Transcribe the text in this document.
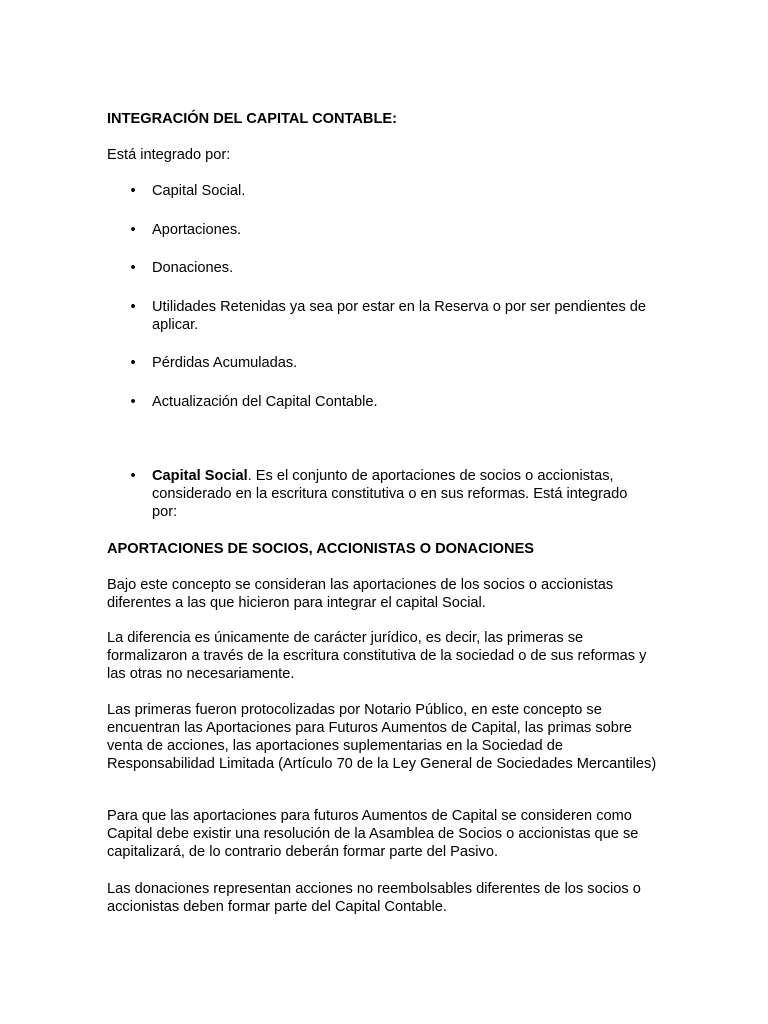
INTEGRACIÓN DEL CAPITAL CONTABLE:
Está integrado por:
• Capital Social.
• Aportaciones.
• Donaciones.
• Utilidades Retenidas ya sea por estar en la Reserva o por ser pendientes de aplicar.
• Pérdidas Acumuladas.
• Actualización del Capital Contable.
• Capital Social. Es el conjunto de aportaciones de socios o accionistas, considerado en la escritura constitutiva o en sus reformas. Está integrado por:
APORTACIONES DE SOCIOS, ACCIONISTAS O DONACIONES
Bajo este concepto se consideran las aportaciones de los socios o accionistas diferentes a las que hicieron para integrar el capital Social.
La diferencia es únicamente de carácter jurídico, es decir, las primeras se formalizaron a través de la escritura constitutiva de la sociedad o de sus reformas y las otras no necesariamente.
Las primeras fueron protocolizadas por Notario Público, en este concepto se encuentran las Aportaciones para Futuros Aumentos de Capital, las primas sobre venta de acciones, las aportaciones suplementarias en la Sociedad de Responsabilidad Limitada (Artículo 70 de la Ley General de Sociedades Mercantiles)
Para que las aportaciones para futuros Aumentos de Capital se consideren como Capital debe existir una resolución de la Asamblea de Socios o accionistas que se capitalizará, de lo contrario deberán formar parte del Pasivo.
Las donaciones representan acciones no reembolsables diferentes de los socios o accionistas deben formar parte del Capital Contable.
